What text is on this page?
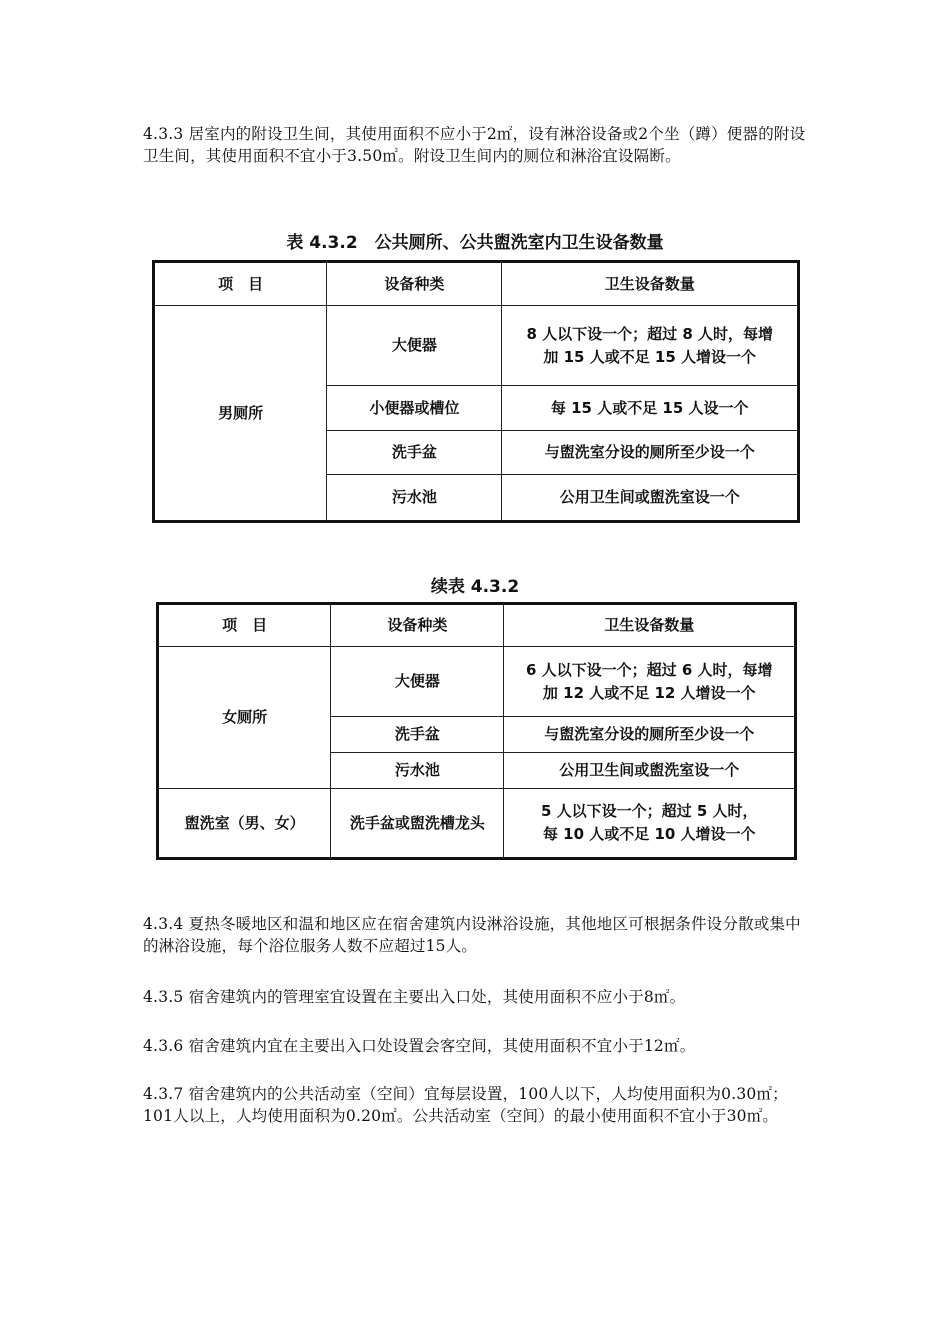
4.3.3 居室内的附设卫生间，其使用面积不应小于2㎡，设有淋浴设备或2个坐（蹲）便器的附设卫生间，其使用面积不宜小于3.50㎡。附设卫生间内的厕位和淋浴宜设隔断。

表 4.3.2　公共厕所、公共盥洗室内卫生设备数量

项　目	设备种类	卫生设备数量
男厕所	大便器	8 人以下设一个；超过 8 人时，每增
加 15 人或不足 15 人增设一个

	小便器或槽位	每 15 人或不足 15 人设一个
	洗手盆	与盥洗室分设的厕所至少设一个
	污水池	公用卫生间或盥洗室设一个

续表 4.3.2

项　目	设备种类	卫生设备数量
女厕所	大便器	6 人以下设一个；超过 6 人时，每增
加 12 人或不足 12 人增设一个

	洗手盆	与盥洗室分设的厕所至少设一个
	污水池	公用卫生间或盥洗室设一个
盥洗室（男、女）	洗手盆或盥洗槽龙头	5 人以下设一个；超过 5 人时，
每 10 人或不足 10 人增设一个

4.3.4 夏热冬暖地区和温和地区应在宿舍建筑内设淋浴设施，其他地区可根据条件设分散或集中的淋浴设施，每个浴位服务人数不应超过15人。

4.3.5 宿舍建筑内的管理室宜设置在主要出入口处，其使用面积不应小于8㎡。

4.3.6 宿舍建筑内宜在主要出入口处设置会客空间，其使用面积不宜小于12㎡。

4.3.7 宿舍建筑内的公共活动室（空间）宜每层设置，100人以下，人均使用面积为0.30㎡；101人以上，人均使用面积为0.20㎡。公共活动室（空间）的最小使用面积不宜小于30㎡。
